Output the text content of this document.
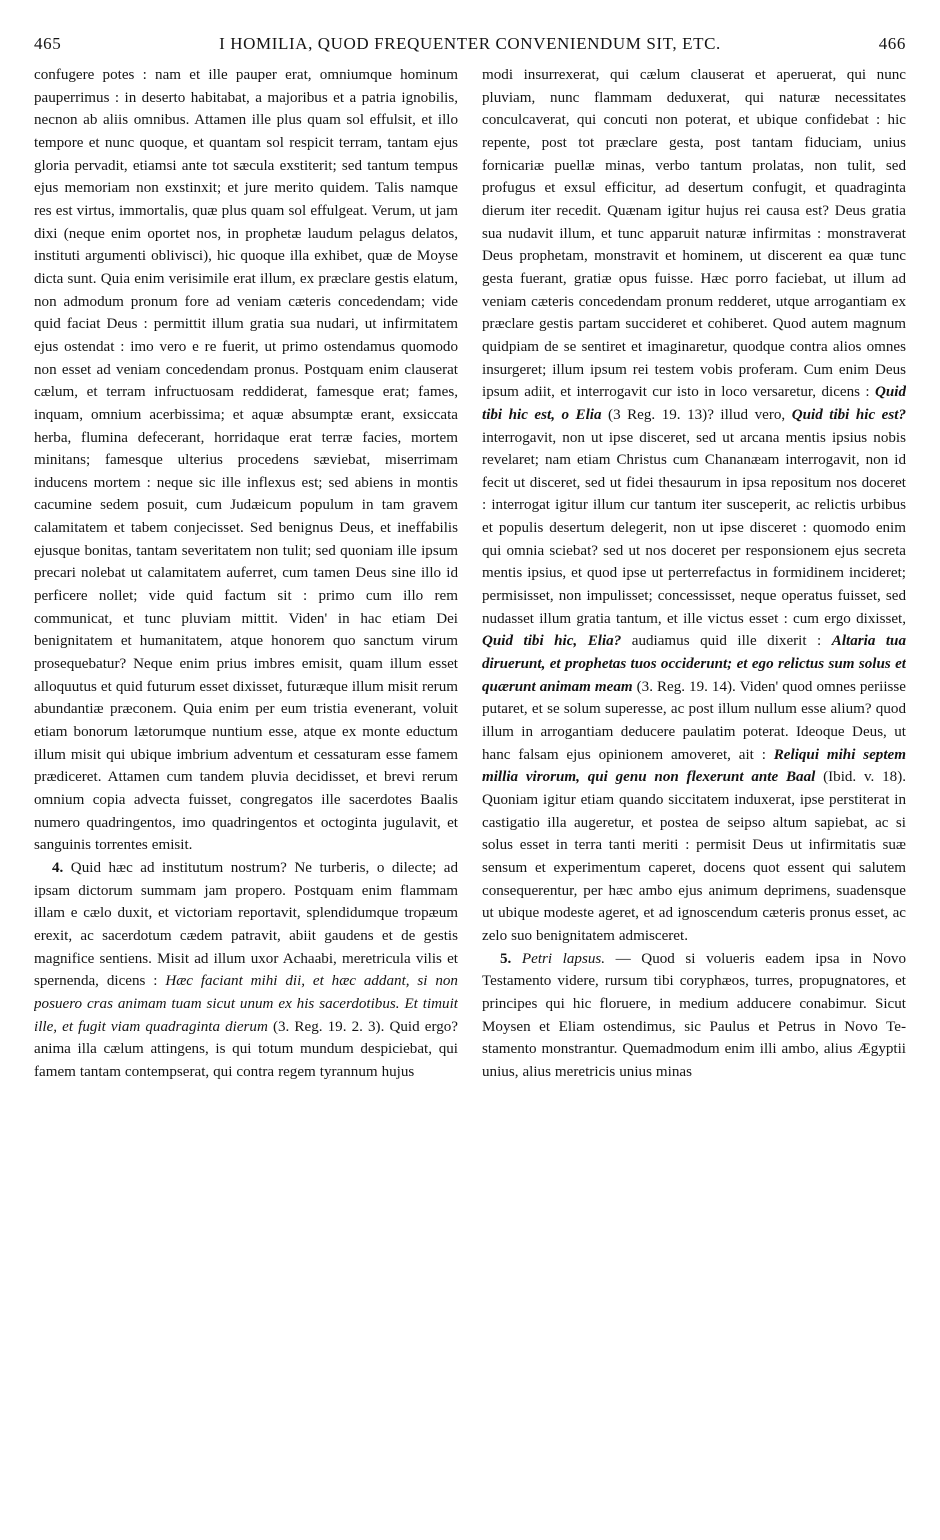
465	I HOMILIA, QUOD FREQUENTER CONVENIENDUM SIT, ETC.	466

confugere potes : nam et ille pauper erat, omniumque hominum pauperrimus : in deserto habitabat, a majoribus et a patria ignobilis, necnon ab aliis omnibus. Attamen ille plus quam sol effulsit, et illo tempore et nunc quoque, et quantam sol respicit terram, tantam ejus gloria pervadit, etiamsi ante tot sæcula exstiterit; sed tantum tempus ejus memoriam non exstinxit; et jure merito quidem. Talis namque res est virtus, immortalis, quæ plus quam sol effulgeat. Verum, ut jam dixi (neque enim oportet nos, in prophetæ laudum pelagus delatos, instituti argumenti oblivisci), hic quoque illa exhibet, quæ de Moyse dicta sunt. Quia enim verisimile erat illum, ex præclare gestis elatum, non admodum pronum fore ad veniam cæteris concedendam; vide quid faciat Deus : permittit illum gratia sua nudari, ut infirmitatem ejus ostendat : imo vero e re fuerit, ut primo ostendamus quomodo non esset ad veniam concedendam pronus. Postquam enim clauserat cælum, et terram infructuosam reddiderat, famesque erat; fames, inquam, omnium acerbissima; et aquæ absumptæ erant, exsiccata herba, flumina defecerant, horridaque erat terræ facies, mortem minitans; famesque ulterius procedens sæviebat, miserrimam inducens mortem : neque sic ille inflexus est; sed abiens in montis cacumine sedem posuit, cum Judæicum populum in tam gravem calamitatem et tabem conjecisset. Sed benignus Deus, et ineffabilis ejusque bonitas, tantam severitatem non tulit; sed quoniam ille ipsum precari nolebat ut calamitatem auferret, cum tamen Deus sine illo id perficere nollet; vide quid factum sit : primo cum illo rem communicat, et tunc pluviam mittit. Viden' in hac etiam Dei benignitatem et humanitatem, atque honorem quo sanctum virum prosequebatur? Neque enim prius imbres emisit, quam illum esset alloquutus et quid futurum esset dixisset, futuræque illum misit rerum abundantiæ præconem. Quia enim per eum tristia evenerant, voluit etiam bonorum lætorumque nuntium esse, atque ex monte eductum illum misit qui ubique imbrium adventum et cessaturam esse famem prædiceret. Attamen cum tandem pluvia decidisset, et brevi rerum omnium copia advecta fuisset, congregatos ille sacerdotes Baalis numero quadringentos, imo quadringentos et octoginta jugulavit, et sanguinis torrentes emisit.

4. Quid hæc ad institutum nostrum? Ne turberis, o dilecte; ad ipsam dictorum summam jam propero. Postquam enim flammam illam e cælo duxit, et victoriam reportavit, splendidumque tropæum erexit, ac sacerdotum cædem patravit, abiit gaudens et de gestis magnifice sentiens. Misit ad illum uxor Achaabi, meretricula vilis et spernenda, dicens : Hæc faciant mihi dii, et hæc addant, si non posuero cras animam tuam sicut unum ex his sacerdotibus. Et timuit ille, et fugit viam quadraginta dierum (3. Reg. 19. 2. 3). Quid ergo? anima illa cælum attingens, is qui totum mundum despiciebat, qui famem tantam contempserat, qui contra regem tyrannum hujus

modi insurrexerat, qui cælum clauserat et aperuerat, qui nunc pluviam, nunc flammam deduxerat, qui naturæ necessitates conculcaverat, qui concuti non poterat, et ubique confidebat : hic repente, post tot præclare gesta, post tantam fiduciam, unius fornicariæ puellæ minas, verbo tantum prolatas, non tulit, sed profugus et exsul efficitur, ad desertum confugit, et quadraginta dierum iter recedit. Quænam igitur hujus rei causa est? Deus gratia sua nudavit illum, et tunc apparuit naturæ infirmitas : monstraverat Deus prophetam, monstravit et hominem, ut discerent ea quæ tunc gesta fuerant, gratiæ opus fuisse. Hæc porro faciebat, ut illum ad veniam cæteris concedendam pronum redderet, utque arrogantiam ex præclare gestis partam succideret et cohiberet. Quod autem magnum quidpiam de se sentiret et imaginaretur, quodque contra alios omnes insurgeret; illum ipsum rei testem vobis proferam. Cum enim Deus ipsum adiit, et interrogavit cur isto in loco versaretur, dicens : Quid tibi hic est, o Elia (3 Reg. 19. 13)? illud vero, Quid tibi hic est? interrogavit, non ut ipse disceret, sed ut arcana mentis ipsius nobis revelaret; nam etiam Christus cum Chananæam interrogavit, non id fecit ut disceret, sed ut fidei thesaurum in ipsa repositum nos doceret : interrogat igitur illum cur tantum iter susceperit, ac relictis urbibus et populis desertum delegerit, non ut ipse disceret : quomodo enim qui omnia sciebat? sed ut nos doceret per responsionem ejus secreta mentis ipsius, et quod ipse ut perterrefactus in formidinem incideret; permisisset, non impulisset; concessisset, neque operatus fuisset, sed nudasset illum gratia tantum, et ille victus esset : cum ergo dixisset, Quid tibi hic, Elia? audiamus quid ille dixerit : Altaria tua diruerunt, et prophetas tuos occiderunt; et ego relictus sum solus et quærunt animam meam (3. Reg. 19. 14). Viden' quod omnes periisse putaret, et se solum superesse, ac post illum nullum esse alium? quod illum in arrogantiam deducere paulatim poterat. Ideoque Deus, ut hanc falsam ejus opinionem amoveret, ait : Reliqui mihi septem millia virorum, qui genu non flexerunt ante Baal (Ibid. v. 18). Quoniam igitur etiam quando siccitatem induxerat, ipse perstiterat in castigatio illa augeretur, et postea de seipso altum sapiebat, ac si solus esset in terra tanti meriti : permisit Deus ut infirmitatis suæ sensum et experimentum caperet, docens quot essent qui salutem consequerentur, per hæc ambo ejus animum deprimens, suadensque ut ubique modeste ageret, et ad ignoscendum cæteris pronus esset, ac zelo suo benignitatem admisceret.

5. Petri lapsus. — Quod si volueris eadem ipsa in Novo Testamento videre, rursum tibi coryphæos, turres, propugnatores, et principes qui hic floruere, in medium adducere conabimur. Sicut Moysen et Eliam ostendimus, sic Paulus et Petrus in Novo Testamento monstrantur. Quemadmodum enim illi ambo, alius Ægyptii unius, alius meretricis unius minas
